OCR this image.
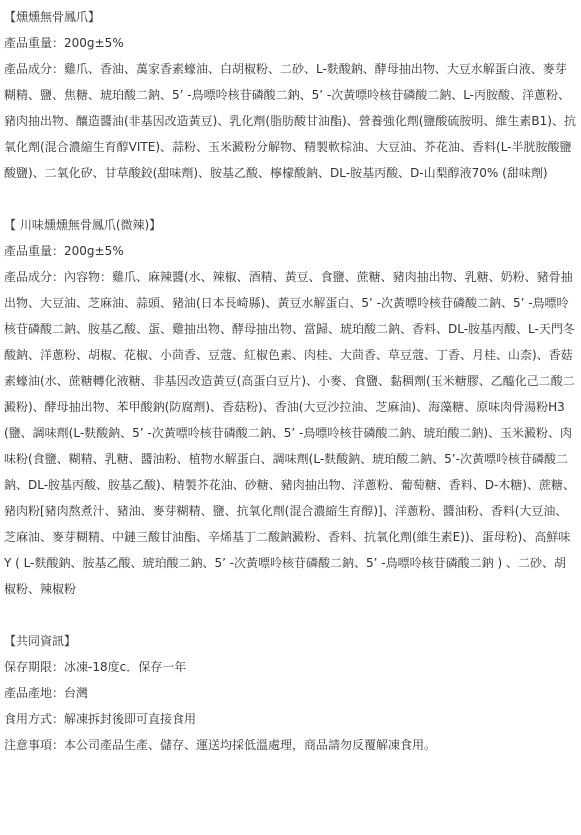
【燻燻無骨鳳爪】

產品重量：200g±5%

產品成分：雞爪、香油、萬家香素蠔油、白胡椒粉、二砂、L-麩酸鈉、酵母抽出物、大豆水解蛋白液、麥芽糊精、鹽、焦糖、琥珀酸二鈉、5’ -鳥嘌呤核苷磷酸二鈉、5’ -次黃嘌呤核苷磷酸二鈉、L-丙胺酸、洋蔥粉、豬肉抽出物、釀造醬油(非基因改造黃豆)、乳化劑(脂肪酸甘油酯)、營養強化劑(鹽酸硫胺明、維生素B1)、抗氧化劑(混合濃縮生育醇VITE)、蒜粉、玉米澱粉分解物、精製軟棕油、大豆油、芥花油、香料(L-半胱胺酸鹽酸鹽)、二氧化矽、甘草酸鉸(甜味劑)、胺基乙酸、檸檬酸鈉、DL-胺基丙酸、D-山梨醇液70% (甜味劑)

【 川味燻燻無骨鳳爪(微辣)】

產品重量：200g±5%

產品成分：內容物：雞爪、麻辣醬(水、辣椒、酒精、黃豆、食鹽、蔗糖、豬肉抽出物、乳糖、奶粉、豬骨抽出物、大豆油、芝麻油、蒜頭、豬油(日本長崎縣)、黃豆水解蛋白、5’ -次黃嘌呤核苷磷酸二鈉、5’ -鳥嘌呤核苷磷酸二鈉、胺基乙酸、蛋、雞抽出物、酵母抽出物、當歸、琥珀酸二鈉、香料、DL-胺基丙酸、L-天門冬酸鈉、洋蔥粉、胡椒、花椒、小茴香、豆蔻、紅椒色素、肉桂、大茴香、草豆蔻、丁香、月桂、山柰)、香菇素蠔油(水、蔗糖轉化液糖、非基因改造黃豆(高蛋白豆片)、小麥、食鹽、黏稠劑(玉米糖膠、乙醯化己二酸二澱粉)、酵母抽出物、苯甲酸鈉(防腐劑)、香菇粉)、香油(大豆沙拉油、芝麻油)、海藻糖、原味肉骨湯粉H3(鹽、調味劑(L-麩酸鈉、5’ -次黃嘌呤核苷磷酸二鈉、5’ -鳥嘌呤核苷磷酸二鈉、琥珀酸二鈉)、玉米澱粉、肉味粉(食鹽、糊精、乳糖、醬油粉、植物水解蛋白、調味劑(L-麩酸鈉、琥珀酸二鈉、5’-次黃嘌呤核苷磷酸二鈉、DL-胺基丙酸、胺基乙酸)、精製芥花油、砂糖、豬肉抽出物、洋蔥粉、葡萄糖、香料、D-木糖)、蔗糖、豬肉粉[豬肉熬煮汁、豬油、麥芽糊精、鹽、抗氧化劑(混合濃縮生育醇)]、洋蔥粉、醬油粉、香料(大豆油、芝麻油、麥芽糊精、中鏈三酸甘油酯、辛烯基丁二酸鈉澱粉、香料、抗氧化劑(維生素E))、蛋母粉)、高鮮味Y ( L-麩酸鈉、胺基乙酸、琥珀酸二鈉、5’ -次黃嘌呤核苷磷酸二鈉、5’ -鳥嘌呤核苷磷酸二鈉 ) 、二砂、胡椒粉、辣椒粉

【共同資訊】

保存期限：冰凍-18度c．保存一年

產品產地：台灣

食用方式：解凍拆封後即可直接食用

注意事項：本公司產品生產、儲存、運送均採低溫處理，商品請勿反覆解凍食用。
